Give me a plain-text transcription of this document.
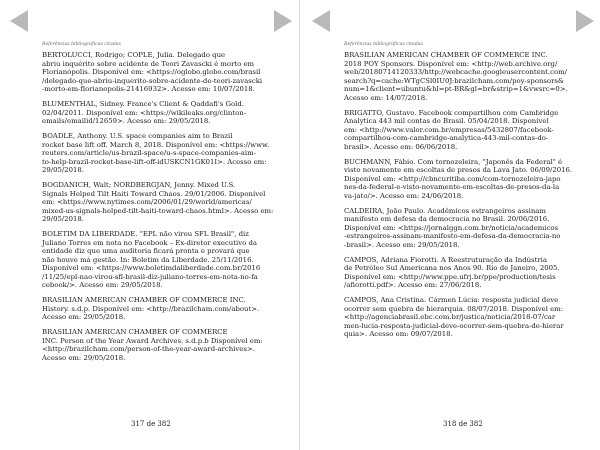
Referências bibliográficas citadas
BERTOLUCCI, Rodrigo; COPLE, Julia. Delegado que
abriu inquérito sobre acidente de Teori Zavascki é morto em
Florianópolis. Disponível em: <https://oglobo.globo.com/brasil
/delegado-que-abriu-inquerito-sobre-acidente-de-teori-zavascki
-morto-em-florianopolis-21416932>. Acesso em: 10/07/2018.
BLUMENTHAL, Sidney. France's Client & Qaddafi's Gold.
02/04/2011. Disponível em: <https://wikileaks.org/clinton-
emails/emailid/12659>. Acesso em: 29/05/2018.
BOADLE, Anthony. U.S. space companies aim to Brazil
rocket base lift off. March 8, 2018. Disponível em: <https://www.
reuters.com/article/us-brazil-space/u-s-space-companies-aim-
to-help-brazil-rocket-base-lift-off-idUSKCN1GK01I>. Acesso em:
29/05/2018.
BOGDANICH, Walt; NORDBERGJAN, Jenny. Mixed U.S.
Signals Helped Tilt Haiti Toward Chaos. 29/01/2006. Disponível
em: <https://www.nytimes.com/2006/01/29/world/americas/
mixed-us-signals-helped-tilt-haiti-toward-chaos.html>. Acesso em:
29/05/2018.
BOLETIM DA LIBERDADE. "EPL não virou SFL Brasil", diz
Juliano Torres em nota no Facebook – Ex-diretor executivo da
entidade diz que uma auditoria ficará pronta e provará que
não houve má gestão. In: Boletim da Liberdade. 25/11/2016.
Disponível em: <https://www.boletimdaliberdade.com.br/2016
/11/25/epl-nao-virou-sfl-brasil-diz-juliano-torres-em-nota-no-fa
cebook/>. Acesso em: 29/05/2018.
BRASILIAN AMERICAN CHAMBER OF COMMERCE INC.
History. s.d.p. Disponível em: <http://brazilcham.com/about>.
Acesso em: 29/05/2018.
BRASILIAN AMERICAN CHAMBER OF COMMERCE
INC. Person of the Year Award Archives. s.d.p.b Disponível em:
<http://brazilcham.com/person-of-the-year-award-archives>.
Acesso em: 29/05/2018.
317 de 382
Referências bibliográficas citadas
BRASILIAN AMERICAN CHAMBER OF COMMERCE INC.
2018 POY Sponsors. Disponível em: <http://web.archive.org/
web/20180714120333/http://webcache.googleusercontent.com/
search?q=cache:WTgCSl0IU0J:brazilcham.com/poy-sponsors&
num=1&client=ubuntu&hl=pt-BR&gl=br&strip=1&vwsrc=0>.
Acesso em: 14/07/2018.
BRIGATTO, Gustavo. Facebook compartilhou com Cambridge
Analytica 443 mil contas do Brasil. 05/04/2018. Disponível
em: <http://www.valor.com.br/empresas/5432807/facebook-
compartilhou-com-cambridge-analytica-443-mil-contas-do-
brasil>. Acesso em: 06/06/2018.
BUCHMANN, Fábio. Com tornozeleira, "Japonês da Federal" é
visto novamente em escoltas de presos da Lava Jato. 06/09/2016.
Disponível em: <http://cbncuritiba.com/com-tornozeleira-japo
nes-da-federal-e-visto-novamente-em-escoltas-de-presos-da-la
va-jato/>. Acesso em: 24/06/2018.
CALDEIRA, João Paulo. Acadêmicos estrangeiros assinam
manifesto em defesa da democracia no Brasil. 20/06/2016.
Disponível em: <https://jornalggn.com.br/noticia/academicos
-estrangeiros-assinam-manifesto-em-defesa-da-democracia-no
-brasil>. Acesso em: 29/05/2018.
CAMPOS, Adriana Fiorotti. A Reestruturação da Indústria
de Petróleo Sul Americana nos Anos 90. Rio de Janeiro, 2005.
Disponível em: <http://www.ppe.ufrj.br/ppe/production/tesis
/afiorotti.pdf>. Acesso em: 27/06/2018.
CAMPOS, Ana Cristina. Cármen Lúcia: resposta judicial deve
ocorrer sem quebra de hierarquia. 08/07/2018. Disponível em:
<http://agenciabrasil.ebc.com.br/justica/noticia/2018-07/car
men-lucia-resposta-judicial-deve-ocorrer-sem-quebra-de-hierar
quia>. Acesso em: 09/07/2018.
318 de 382
